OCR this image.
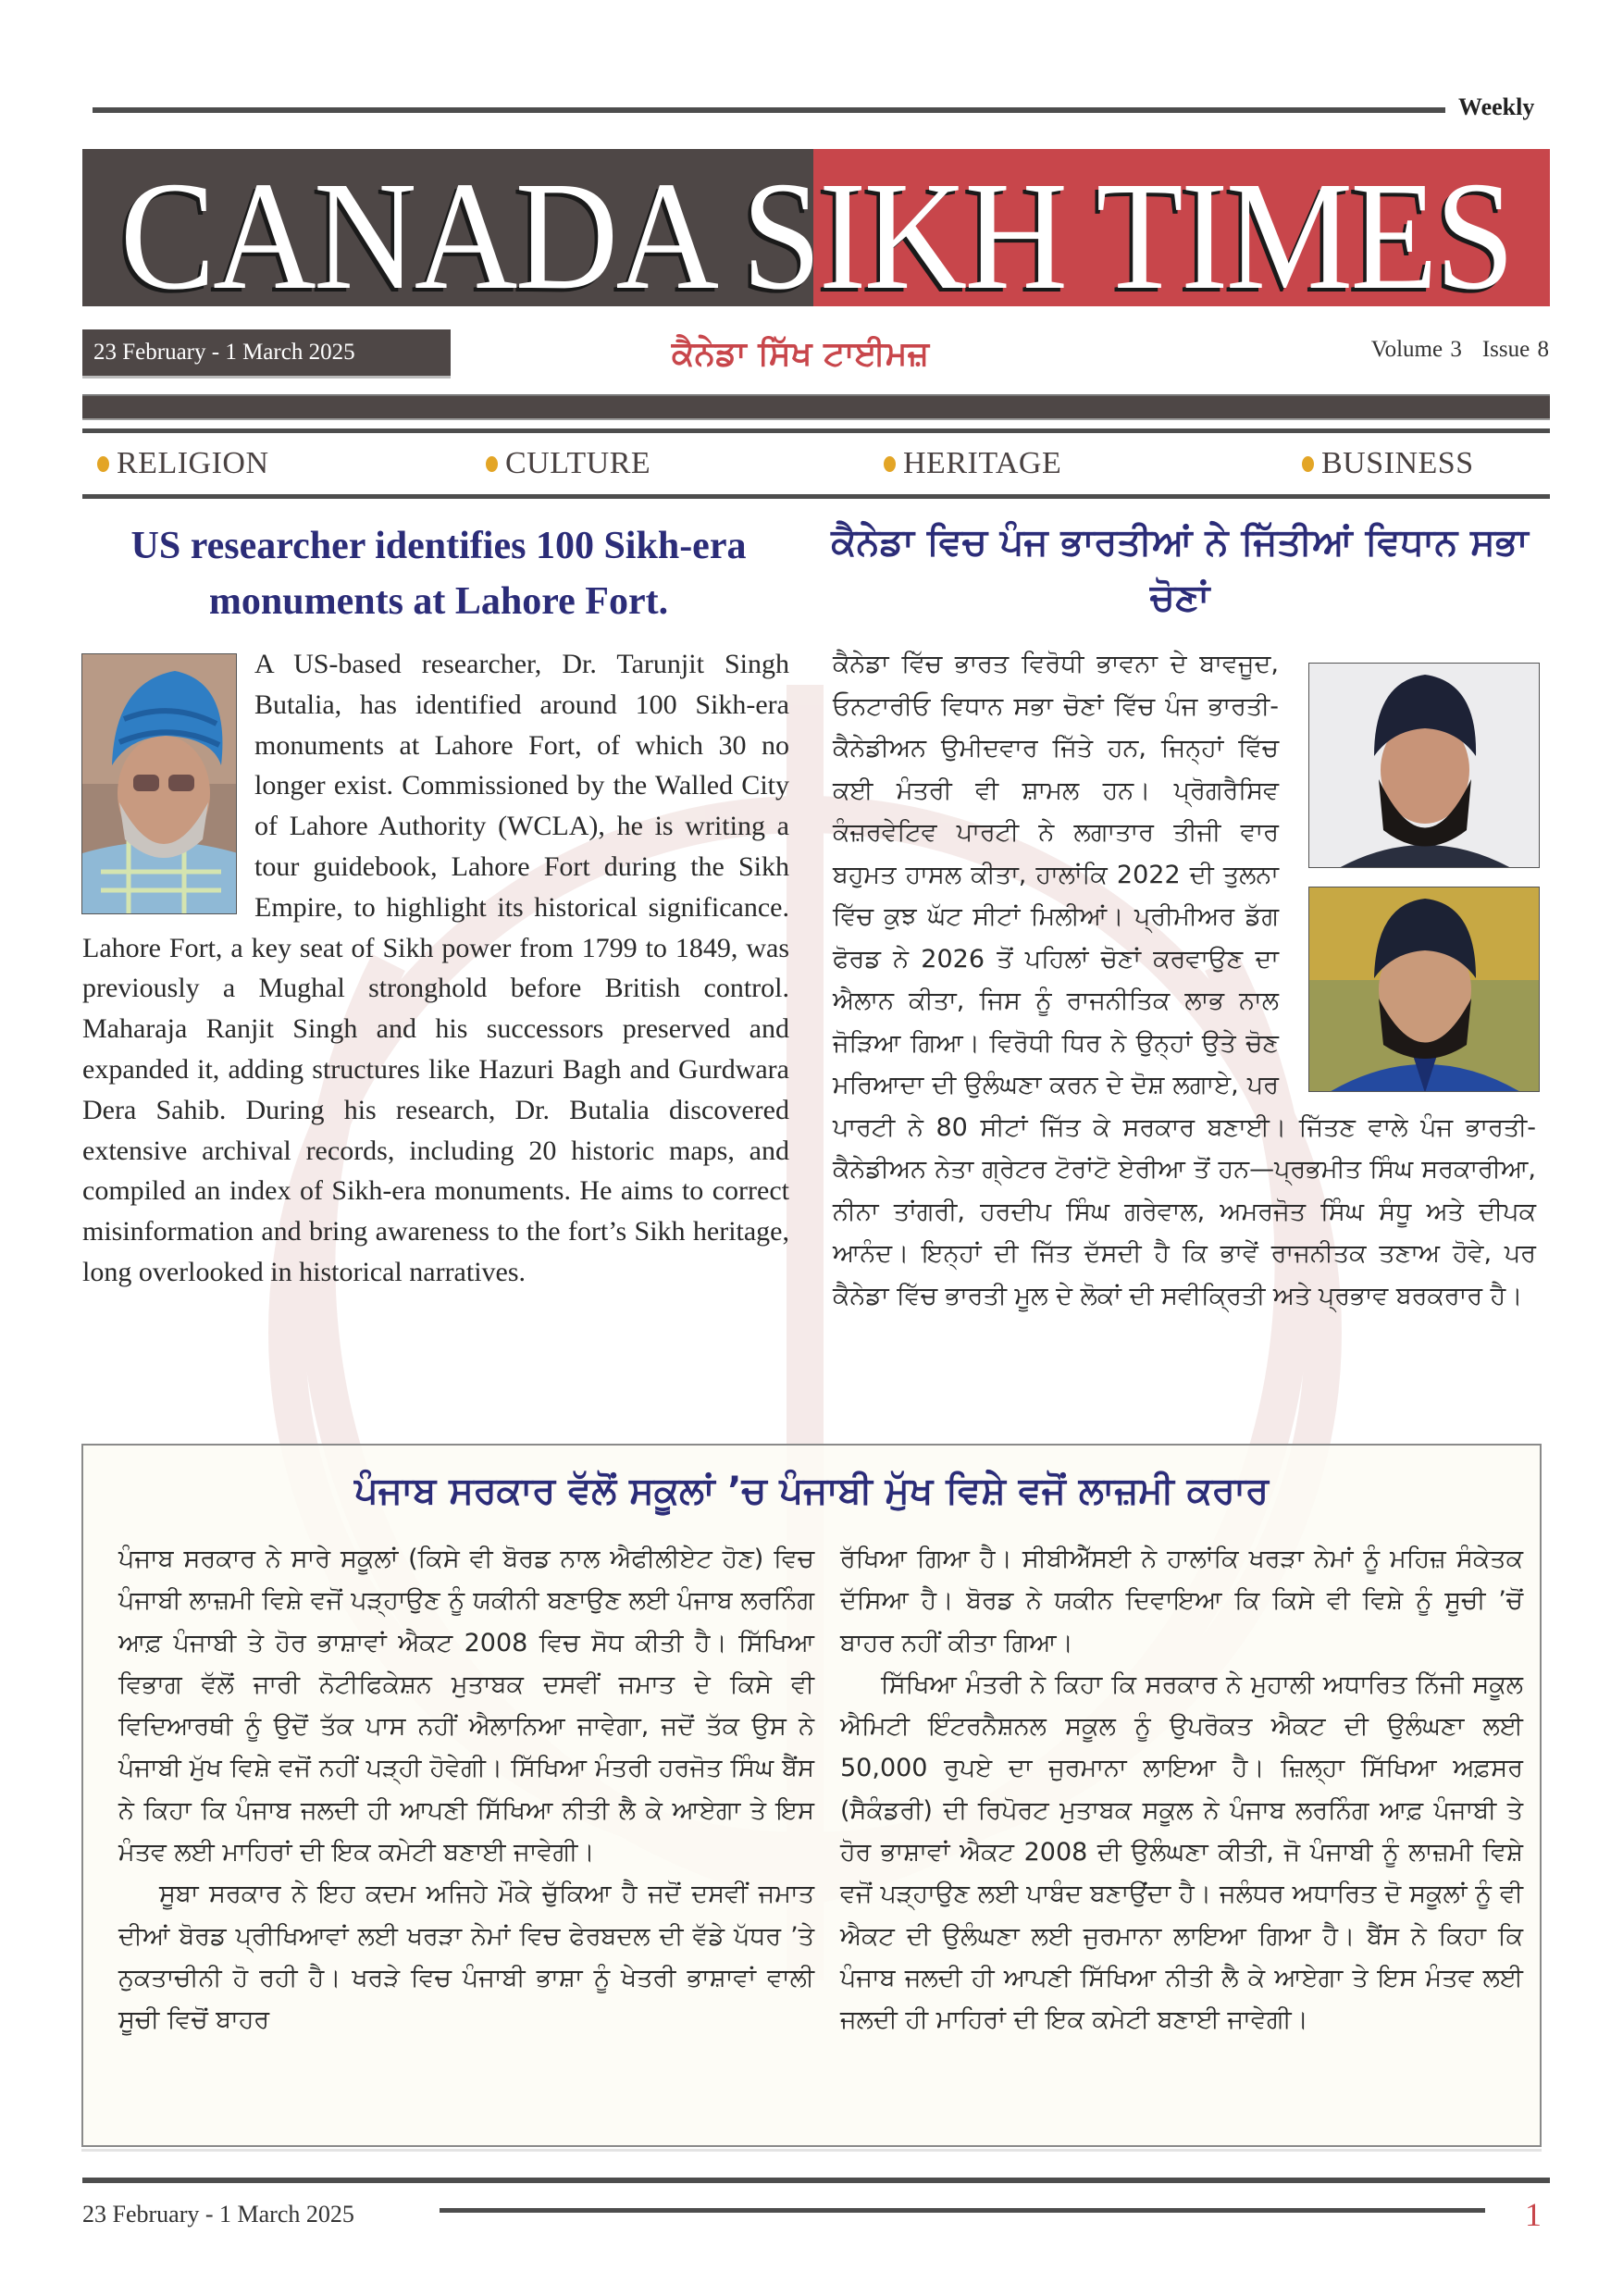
Weekly
CANADA SIKH TIMES
23 February - 1 March 2025	ਕੈਨੇਡਾ ਸਿੱਖ ਟਾਈਮਜ਼	Volume 3 Issue 8
RELIGION	CULTURE	HERITAGE	BUSINESS
US researcher identifies 100 Sikh-era monuments at Lahore Fort.
A US-based researcher, Dr. Tarunjit Singh Butalia, has identified around 100 Sikh-era monuments at Lahore Fort, of which 30 no longer exist. Commissioned by the Walled City of Lahore Authority (WCLA), he is writing a tour guidebook, Lahore Fort during the Sikh Empire, to highlight its historical significance. Lahore Fort, a key seat of Sikh power from 1799 to 1849, was previously a Mughal stronghold before British control. Maharaja Ranjit Singh and his successors preserved and expanded it, adding structures like Hazuri Bagh and Gurdwara Dera Sahib. During his research, Dr. Butalia discovered extensive archival records, including 20 historic maps, and compiled an index of Sikh-era monuments. He aims to correct misinformation and bring awareness to the fort’s Sikh heritage, long overlooked in historical narratives.
ਕੈਨੇਡਾ ਵਿਚ ਪੰਜ ਭਾਰਤੀਆਂ ਨੇ ਜਿੱਤੀਆਂ ਵਿਧਾਨ ਸਭਾ ਚੋਣਾਂ
ਕੈਨੇਡਾ ਵਿੱਚ ਭਾਰਤ ਵਿਰੋਧੀ ਭਾਵਨਾ ਦੇ ਬਾਵਜੂਦ, ਓਨਟਾਰੀਓ ਵਿਧਾਨ ਸਭਾ ਚੋਣਾਂ ਵਿੱਚ ਪੰਜ ਭਾਰਤੀ-ਕੈਨੇਡੀਅਨ ਉਮੀਦਵਾਰ ਜਿੱਤੇ ਹਨ, ਜਿਨ੍ਹਾਂ ਵਿੱਚ ਕਈ ਮੰਤਰੀ ਵੀ ਸ਼ਾਮਲ ਹਨ। ਪ੍ਰੋਗਰੈਸਿਵ ਕੰਜ਼ਰਵੇਟਿਵ ਪਾਰਟੀ ਨੇ ਲਗਾਤਾਰ ਤੀਜੀ ਵਾਰ ਬਹੁਮਤ ਹਾਸਲ ਕੀਤਾ, ਹਾਲਾਂਕਿ 2022 ਦੀ ਤੁਲਨਾ ਵਿੱਚ ਕੁਝ ਘੱਟ ਸੀਟਾਂ ਮਿਲੀਆਂ। ਪ੍ਰੀਮੀਅਰ ਡੱਗ ਫੋਰਡ ਨੇ 2026 ਤੋਂ ਪਹਿਲਾਂ ਚੋਣਾਂ ਕਰਵਾਉਣ ਦਾ ਐਲਾਨ ਕੀਤਾ, ਜਿਸ ਨੂੰ ਰਾਜਨੀਤਿਕ ਲਾਭ ਨਾਲ ਜੋੜਿਆ ਗਿਆ। ਵਿਰੋਧੀ ਧਿਰ ਨੇ ਉਨ੍ਹਾਂ ਉਤੇ ਚੋਣ ਮਰਿਆਦਾ ਦੀ ਉਲੰਘਣਾ ਕਰਨ ਦੇ ਦੋਸ਼ ਲਗਾਏ, ਪਰ ਪਾਰਟੀ ਨੇ 80 ਸੀਟਾਂ ਜਿੱਤ ਕੇ ਸਰਕਾਰ ਬਣਾਈ। ਜਿੱਤਣ ਵਾਲੇ ਪੰਜ ਭਾਰਤੀ-ਕੈਨੇਡੀਅਨ ਨੇਤਾ ਗ੍ਰੇਟਰ ਟੋਰਾਂਟੋ ਏਰੀਆ ਤੋਂ ਹਨ—ਪ੍ਰਭਮੀਤ ਸਿੰਘ ਸਰਕਾਰੀਆ, ਨੀਨਾ ਤਾਂਗਰੀ, ਹਰਦੀਪ ਸਿੰਘ ਗਰੇਵਾਲ, ਅਮਰਜੋਤ ਸਿੰਘ ਸੰਧੂ ਅਤੇ ਦੀਪਕ ਆਨੰਦ। ਇਨ੍ਹਾਂ ਦੀ ਜਿੱਤ ਦੱਸਦੀ ਹੈ ਕਿ ਭਾਵੇਂ ਰਾਜਨੀਤਕ ਤਣਾਅ ਹੋਵੇ, ਪਰ ਕੈਨੇਡਾ ਵਿੱਚ ਭਾਰਤੀ ਮੂਲ ਦੇ ਲੋਕਾਂ ਦੀ ਸਵੀਕ੍ਰਿਤੀ ਅਤੇ ਪ੍ਰਭਾਵ ਬਰਕਰਾਰ ਹੈ।
ਪੰਜਾਬ ਸਰਕਾਰ ਵੱਲੋਂ ਸਕੂਲਾਂ ’ਚ ਪੰਜਾਬੀ ਮੁੱਖ ਵਿਸ਼ੇ ਵਜੋਂ ਲਾਜ਼ਮੀ ਕਰਾਰ

ਪੰਜਾਬ ਸਰਕਾਰ ਨੇ ਸਾਰੇ ਸਕੂਲਾਂ (ਕਿਸੇ ਵੀ ਬੋਰਡ ਨਾਲ ਐਫੀਲੀਏਟ ਹੋਣ) ਵਿਚ ਪੰਜਾਬੀ ਲਾਜ਼ਮੀ ਵਿਸ਼ੇ ਵਜੋਂ ਪੜ੍ਹਾਉਣ ਨੂੰ ਯਕੀਨੀ ਬਣਾਉਣ ਲਈ ਪੰਜਾਬ ਲਰਨਿੰਗ ਆਫ਼ ਪੰਜਾਬੀ ਤੇ ਹੋਰ ਭਾਸ਼ਾਵਾਂ ਐਕਟ 2008 ਵਿਚ ਸੋਧ ਕੀਤੀ ਹੈ। ਸਿੱਖਿਆ ਵਿਭਾਗ ਵੱਲੋਂ ਜਾਰੀ ਨੋਟੀਫਿਕੇਸ਼ਨ ਮੁਤਾਬਕ ਦਸਵੀਂ ਜਮਾਤ ਦੇ ਕਿਸੇ ਵੀ ਵਿਦਿਆਰਥੀ ਨੂੰ ਉਦੋਂ ਤੱਕ ਪਾਸ ਨਹੀਂ ਐਲਾਨਿਆ ਜਾਵੇਗਾ, ਜਦੋਂ ਤੱਕ ਉਸ ਨੇ ਪੰਜਾਬੀ ਮੁੱਖ ਵਿਸ਼ੇ ਵਜੋਂ ਨਹੀਂ ਪੜ੍ਹੀ ਹੋਵੇਗੀ। ਸਿੱਖਿਆ ਮੰਤਰੀ ਹਰਜੋਤ ਸਿੰਘ ਬੈਂਸ ਨੇ ਕਿਹਾ ਕਿ ਪੰਜਾਬ ਜਲਦੀ ਹੀ ਆਪਣੀ ਸਿੱਖਿਆ ਨੀਤੀ ਲੈ ਕੇ ਆਏਗਾ ਤੇ ਇਸ ਮੰਤਵ ਲਈ ਮਾਹਿਰਾਂ ਦੀ ਇਕ ਕਮੇਟੀ ਬਣਾਈ ਜਾਵੇਗੀ।

ਸੂਬਾ ਸਰਕਾਰ ਨੇ ਇਹ ਕਦਮ ਅਜਿਹੇ ਮੌਕੇ ਚੁੱਕਿਆ ਹੈ ਜਦੋਂ ਦਸਵੀਂ ਜਮਾਤ ਦੀਆਂ ਬੋਰਡ ਪ੍ਰੀਖਿਆਵਾਂ ਲਈ ਖਰੜਾ ਨੇਮਾਂ ਵਿਚ ਫੇਰਬਦਲ ਦੀ ਵੱਡੇ ਪੱਧਰ ’ਤੇ ਨੁਕਤਾਚੀਨੀ ਹੋ ਰਹੀ ਹੈ। ਖਰੜੇ ਵਿਚ ਪੰਜਾਬੀ ਭਾਸ਼ਾ ਨੂੰ ਖੇਤਰੀ ਭਾਸ਼ਾਵਾਂ ਵਾਲੀ ਸੂਚੀ ਵਿਚੋਂ ਬਾਹਰ

ਰੱਖਿਆ ਗਿਆ ਹੈ। ਸੀਬੀਐੱਸਈ ਨੇ ਹਾਲਾਂਕਿ ਖਰੜਾ ਨੇਮਾਂ ਨੂੰ ਮਹਿਜ਼ ਸੰਕੇਤਕ ਦੱਸਿਆ ਹੈ। ਬੋਰਡ ਨੇ ਯਕੀਨ ਦਿਵਾਇਆ ਕਿ ਕਿਸੇ ਵੀ ਵਿਸ਼ੇ ਨੂੰ ਸੂਚੀ ’ਚੋਂ ਬਾਹਰ ਨਹੀਂ ਕੀਤਾ ਗਿਆ।

ਸਿੱਖਿਆ ਮੰਤਰੀ ਨੇ ਕਿਹਾ ਕਿ ਸਰਕਾਰ ਨੇ ਮੁਹਾਲੀ ਅਧਾਰਿਤ ਨਿੱਜੀ ਸਕੂਲ ਐਮਿਟੀ ਇੰਟਰਨੈਸ਼ਨਲ ਸਕੂਲ ਨੂੰ ਉਪਰੋਕਤ ਐਕਟ ਦੀ ਉਲੰਘਣਾ ਲਈ 50,000 ਰੁਪਏ ਦਾ ਜੁਰਮਾਨਾ ਲਾਇਆ ਹੈ। ਜ਼ਿਲ੍ਹਾ ਸਿੱਖਿਆ ਅਫ਼ਸਰ (ਸੈਕੰਡਰੀ) ਦੀ ਰਿਪੋਰਟ ਮੁਤਾਬਕ ਸਕੂਲ ਨੇ ਪੰਜਾਬ ਲਰਨਿੰਗ ਆਫ਼ ਪੰਜਾਬੀ ਤੇ ਹੋਰ ਭਾਸ਼ਾਵਾਂ ਐਕਟ 2008 ਦੀ ਉਲੰਘਣਾ ਕੀਤੀ, ਜੋ ਪੰਜਾਬੀ ਨੂੰ ਲਾਜ਼ਮੀ ਵਿਸ਼ੇ ਵਜੋਂ ਪੜ੍ਹਾਉਣ ਲਈ ਪਾਬੰਦ ਬਣਾਉਂਦਾ ਹੈ। ਜਲੰਧਰ ਅਧਾਰਿਤ ਦੋ ਸਕੂਲਾਂ ਨੂੰ ਵੀ ਐਕਟ ਦੀ ਉਲੰਘਣਾ ਲਈ ਜੁਰਮਾਨਾ ਲਾਇਆ ਗਿਆ ਹੈ। ਬੈਂਸ ਨੇ ਕਿਹਾ ਕਿ ਪੰਜਾਬ ਜਲਦੀ ਹੀ ਆਪਣੀ ਸਿੱਖਿਆ ਨੀਤੀ ਲੈ ਕੇ ਆਏਗਾ ਤੇ ਇਸ ਮੰਤਵ ਲਈ ਜਲਦੀ ਹੀ ਮਾਹਿਰਾਂ ਦੀ ਇਕ ਕਮੇਟੀ ਬਣਾਈ ਜਾਵੇਗੀ।

23 February - 1 March 2025	1
